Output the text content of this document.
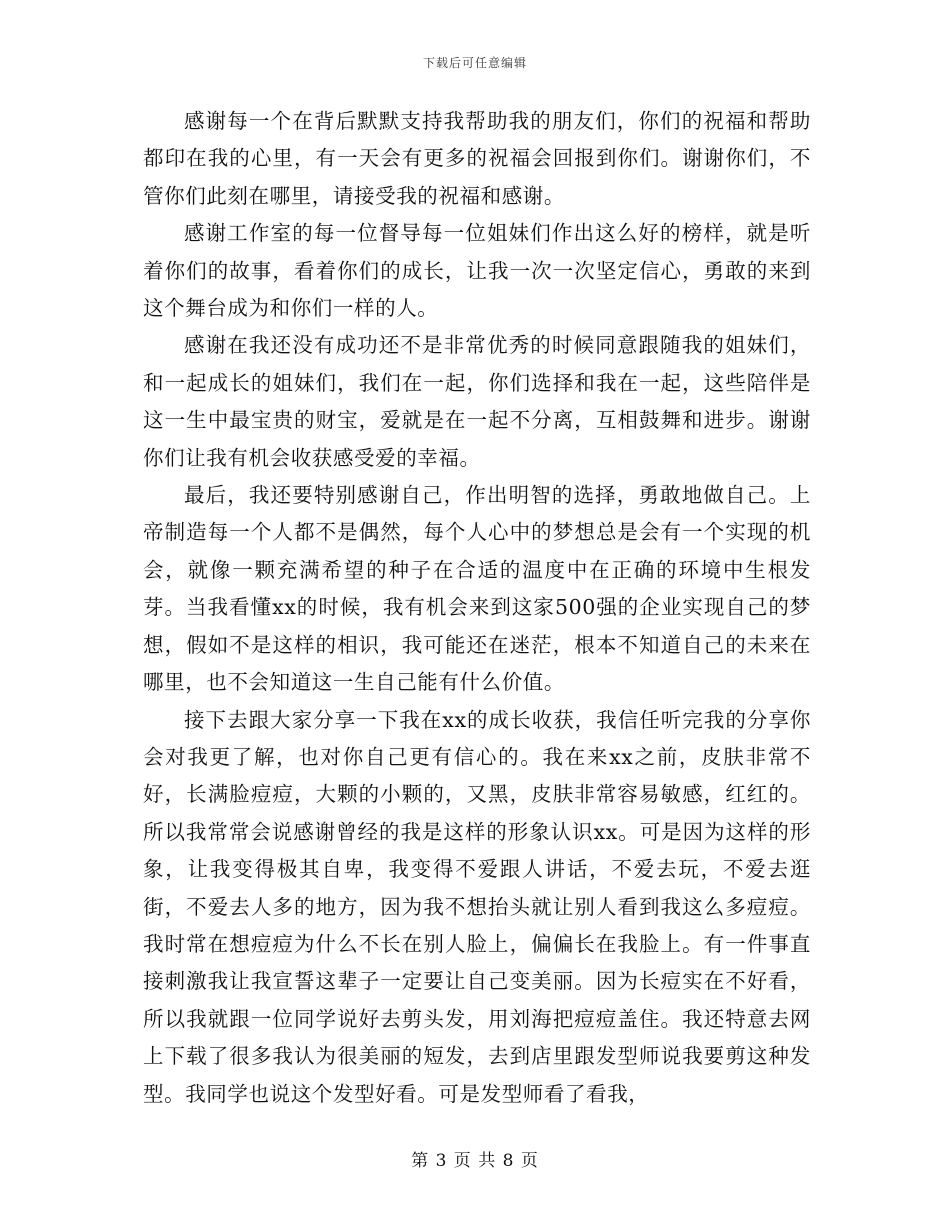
下载后可任意编辑

感谢每一个在背后默默支持我帮助我的朋友们，你们的祝福和帮助都印在我的心里，有一天会有更多的祝福会回报到你们。谢谢你们，不管你们此刻在哪里，请接受我的祝福和感谢。

感谢工作室的每一位督导每一位姐妹们作出这么好的榜样，就是听着你们的故事，看着你们的成长，让我一次一次坚定信心，勇敢的来到这个舞台成为和你们一样的人。

感谢在我还没有成功还不是非常优秀的时候同意跟随我的姐妹们，和一起成长的姐妹们，我们在一起，你们选择和我在一起，这些陪伴是这一生中最宝贵的财宝，爱就是在一起不分离，互相鼓舞和进步。谢谢你们让我有机会收获感受爱的幸福。

最后，我还要特别感谢自己，作出明智的选择，勇敢地做自己。上帝制造每一个人都不是偶然，每个人心中的梦想总是会有一个实现的机会，就像一颗充满希望的种子在合适的温度中在正确的环境中生根发芽。当我看懂xx的时候，我有机会来到这家500强的企业实现自己的梦想，假如不是这样的相识，我可能还在迷茫，根本不知道自己的未来在哪里，也不会知道这一生自己能有什么价值。

接下去跟大家分享一下我在xx的成长收获，我信任听完我的分享你会对我更了解，也对你自己更有信心的。我在来xx之前，皮肤非常不好，长满脸痘痘，大颗的小颗的，又黑，皮肤非常容易敏感，红红的。所以我常常会说感谢曾经的我是这样的形象认识xx。可是因为这样的形象，让我变得极其自卑，我变得不爱跟人讲话，不爱去玩，不爱去逛街，不爱去人多的地方，因为我不想抬头就让别人看到我这么多痘痘。我时常在想痘痘为什么不长在别人脸上，偏偏长在我脸上。有一件事直接刺激我让我宣誓这辈子一定要让自己变美丽。因为长痘实在不好看，所以我就跟一位同学说好去剪头发，用刘海把痘痘盖住。我还特意去网上下载了很多我认为很美丽的短发，去到店里跟发型师说我要剪这种发型。我同学也说这个发型好看。可是发型师看了看我，

第 3 页 共 8 页
